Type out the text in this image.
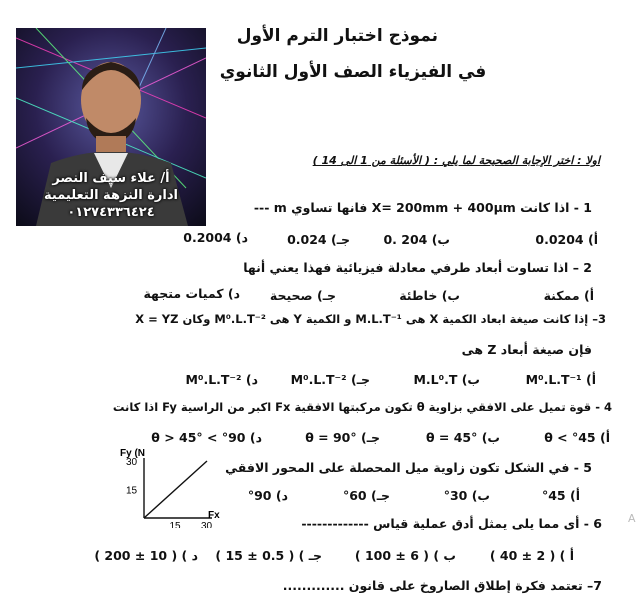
نموذج اختبار الترم الأول
في الفيزياء الصف الأول الثانوي
أ/ علاء سيف النصر
ادارة النزهة التعليمية
٠١٢٧٤٣٣٦٤٢٤
اولا : اختر الإجابة الصحيحة لما يلي : ( الأسئلة من 1 الى 14 )
1 - اذا كانت X= 200mm + 400µm فانها تساوي m ---
أ) 0.0204
ب) 204 .0
جـ) 0.024
د) 0.2004
2 – اذا تساوت أبعاد طرفي معادلة فيزيائية فهذا يعني أنها
أ) ممكنة
ب) خاطئة
جـ) صحيحة
د) كميات متجهة
3– إذا كانت صيغة ابعاد الكمية X هى M.L.T⁻¹ و الكمية Y هى M⁰.L.T⁻² وكان X = YZ
فإن صيغة أبعاد Z هى
أ) M⁰.L.T⁻¹
ب) M.L⁰.T
جـ) M⁰.L.T⁻²
د) M⁰.L.T⁻²
4 - قوة تميل على الافقي بزاوية θ تكون مركبتها الافقية Fx اكبر من الراسية Fy اذا كانت
أ) 45° > θ
ب) θ = 45°
جـ) θ = 90°
د) 90° > θ > 45°
5 - في الشكل تكون زاوية ميل المحصلة على المحور الافقي
أ) 45°
ب) 30°
جـ) 60°
د) 90°
15 30
15
30
Fy (N
Fx
6 - أى مما يلى يمثل أدق عملية قياس -------------
أ ) ( 2 ± 40 )
ب ) ( 6 ± 100 )
جـ ) ( 0.5 ± 15 )
د ) ( 10 ± 200 )
7– تعتمد فكرة إطلاق الصاروخ على قانون .............
A
